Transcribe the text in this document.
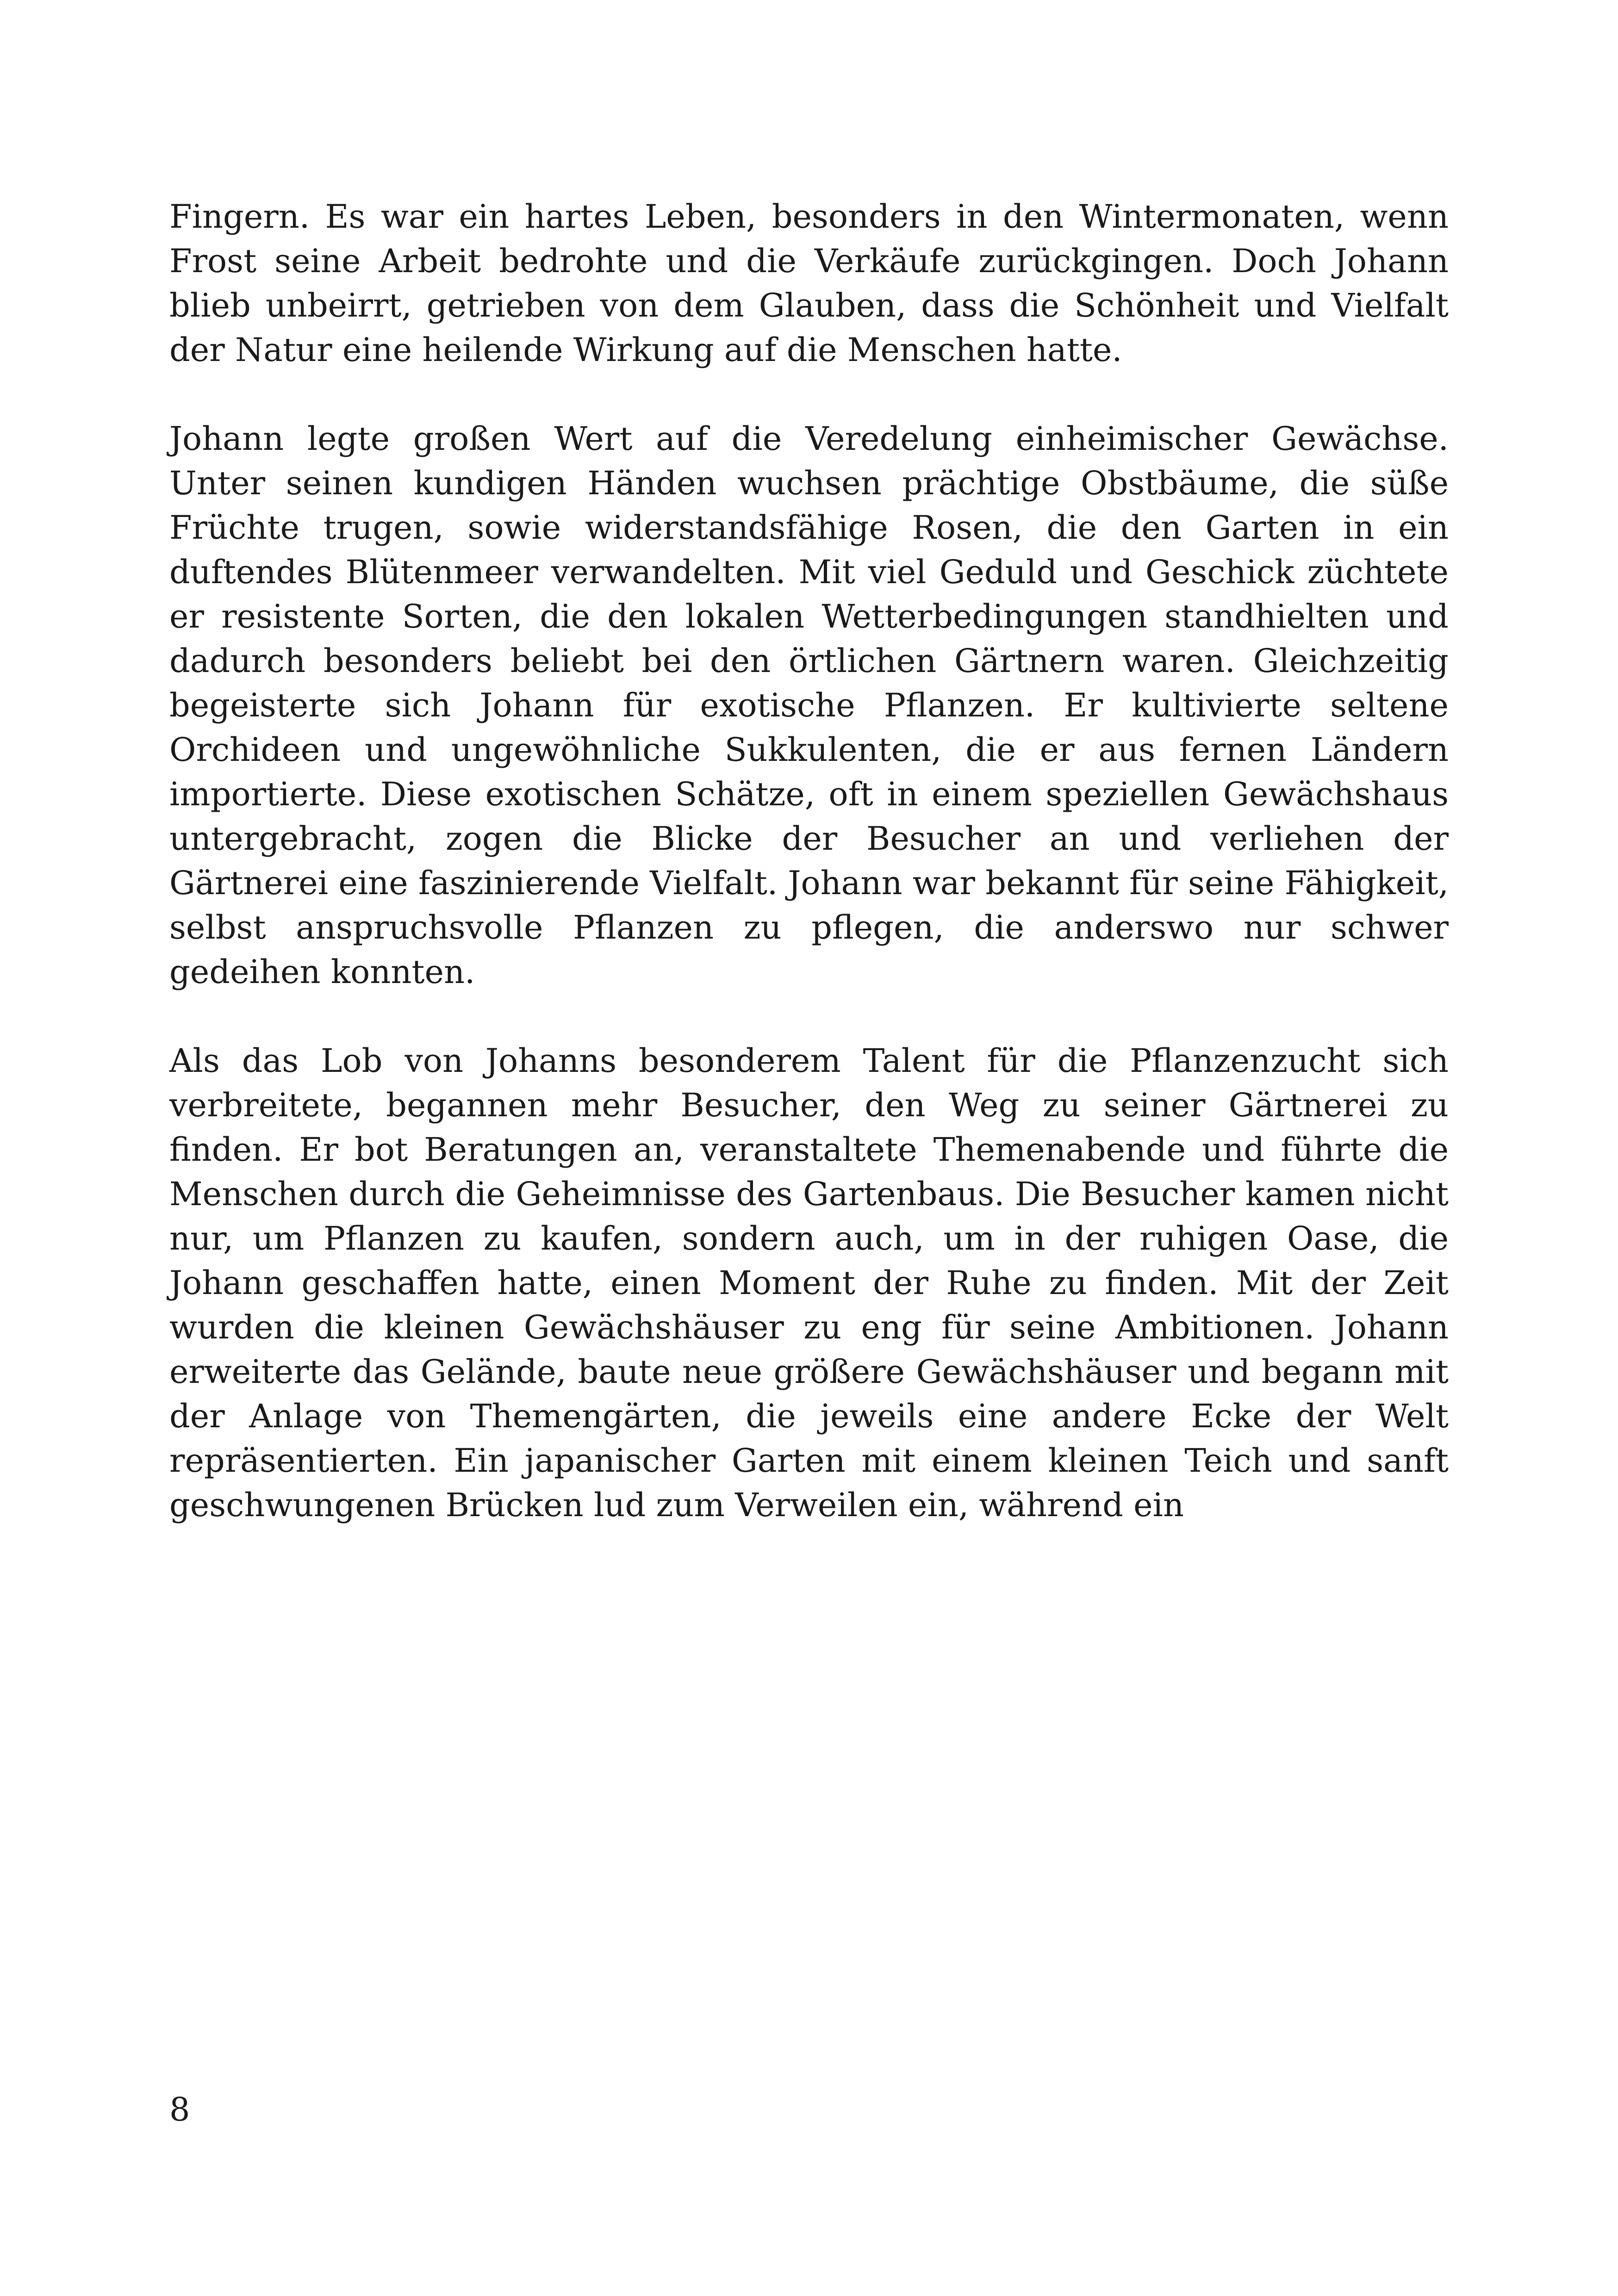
Fingern. Es war ein hartes Leben, besonders in den Wintermonaten, wenn Frost seine Arbeit bedrohte und die Verkäufe zurückgingen. Doch Johann blieb unbeirrt, getrieben von dem Glauben, dass die Schönheit und Vielfalt der Natur eine heilende Wirkung auf die Menschen hatte.

Johann legte großen Wert auf die Veredelung einheimischer Gewächse. Unter seinen kundigen Händen wuchsen prächtige Obstbäume, die süße Früchte trugen, sowie widerstandsfähige Rosen, die den Garten in ein duftendes Blütenmeer verwandelten. Mit viel Geduld und Geschick züchtete er resistente Sorten, die den lokalen Wetterbedingungen standhielten und dadurch besonders beliebt bei den örtlichen Gärtnern waren. Gleichzeitig begeisterte sich Johann für exotische Pflanzen. Er kultivierte seltene Orchideen und ungewöhnliche Sukkulenten, die er aus fernen Ländern importierte. Diese exotischen Schätze, oft in einem speziellen Gewächshaus untergebracht, zogen die Blicke der Besucher an und verliehen der Gärtnerei eine faszinierende Vielfalt. Johann war bekannt für seine Fähigkeit, selbst anspruchsvolle Pflanzen zu pflegen, die anderswo nur schwer gedeihen konnten.

Als das Lob von Johanns besonderem Talent für die Pflanzenzucht sich verbreitete, begannen mehr Besucher, den Weg zu seiner Gärtnerei zu finden. Er bot Beratungen an, veranstaltete Themenabende und führte die Menschen durch die Geheimnisse des Gartenbaus. Die Besucher kamen nicht nur, um Pflanzen zu kaufen, sondern auch, um in der ruhigen Oase, die Johann geschaffen hatte, einen Moment der Ruhe zu finden. Mit der Zeit wurden die kleinen Gewächshäuser zu eng für seine Ambitionen. Johann erweiterte das Gelände, baute neue größere Gewächshäuser und begann mit der Anlage von Themengärten, die jeweils eine andere Ecke der Welt repräsentierten. Ein japanischer Garten mit einem kleinen Teich und sanft geschwungenen Brücken lud zum Verweilen ein, während ein

8
